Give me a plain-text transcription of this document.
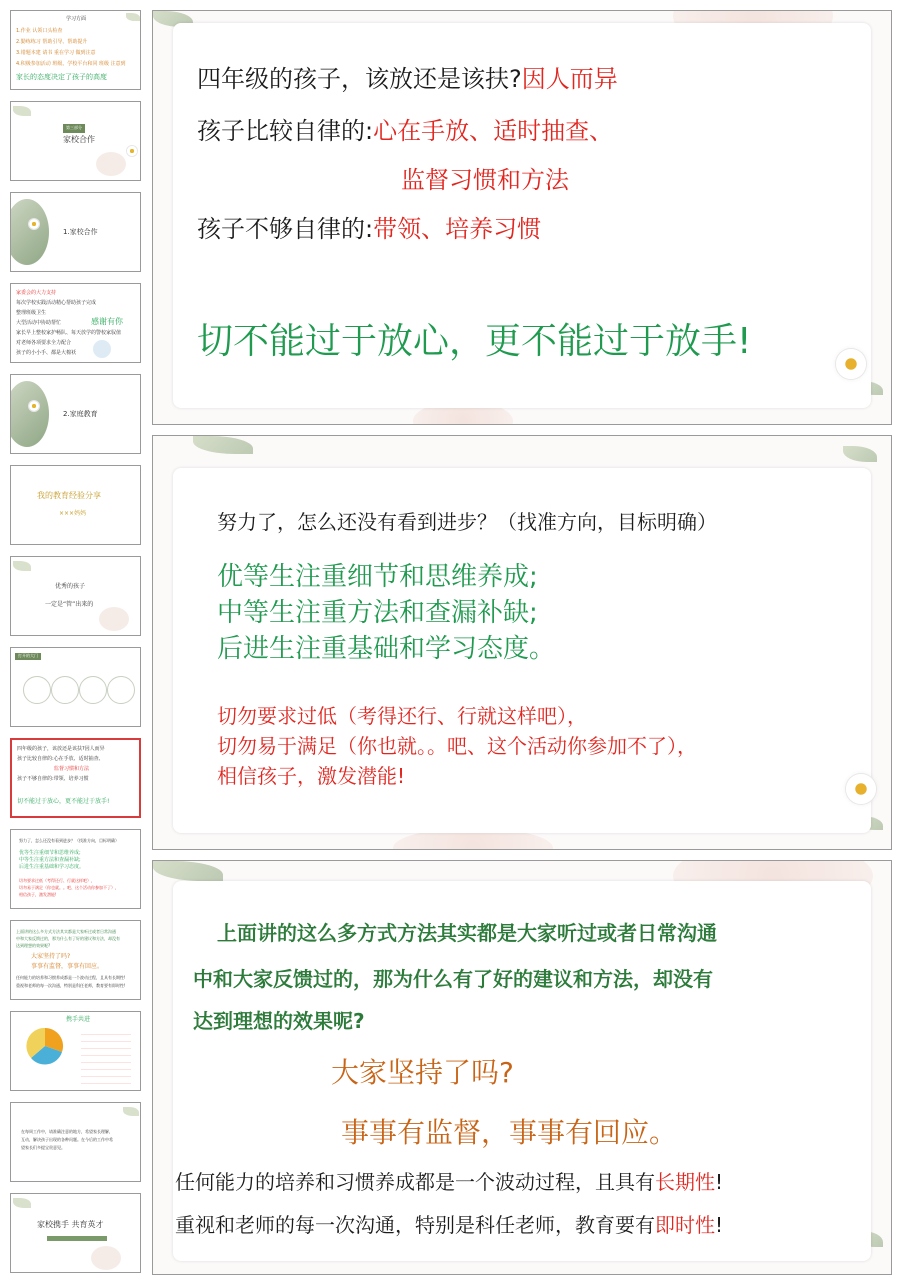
学习方面
1.作业 认领口头检查
2.勤练练习 帮助引导、帮助提升
3.错题本建 请书 重在学习 做到注意
4.积极参加活动 班级、学校平台和同 班级 注意到
家长的态度决定了孩子的高度
第三部分
家校合作
1.家校合作
家委会的大力支持
每次学校实践活动精心帮助孩子完成
整理班级卫生
大型活动中协助帮忙
家长早上整校家护畅队、每天放学的警校家驭值
对老师各项要求全力配合
孩子的小小手、都是大棉袄
感谢有你
2.家庭教育
我的教育经验分享
×××妈妈
优秀的孩子
一定是“管”出来的
打开的大门
四年级的孩子，该放还是该扶?因人而异
孩子比较自律的:心在手放、适时抽查、
监督习惯和方法
孩子不够自律的:带领、培养习惯
切不能过于放心，更不能过于放手!
努力了，怎么还没有看到进步？（找准方向，目标明确）
优等生注重细节和思维养成;
中等生注重方法和查漏补缺;
后进生注重基础和学习态度。
切勿要求过低（考得还行、行就这样吧），
切勿易于满足（你也就。。吧、这个活动你参加不了），
相信孩子，激发潜能!
上面讲的这么多方式方法其实都是大家听过或者日常沟通
中和大家反馈过的，那为什么有了好的建议和方法，却没有
达到理想的效果呢?
大家坚持了吗?
事事有监督，事事有回应。
任何能力的培养和习惯养成都是一个波动过程，且具有长期性!
重视和老师的每一次沟通，特别是科任老师，教育要有即时性!
携手共进
在每周工作中，请准确注意的地方，希望家长理解，
互动，解决孩子出现的各种问题。在今后的工作中希
望家长们多提宝贵意见。
家校携手 共育英才
四年级的孩子，该放还是该扶?因人而异
孩子比较自律的:心在手放、适时抽查、
监督习惯和方法
孩子不够自律的:带领、培养习惯
切不能过于放心，更不能过于放手!
努力了，怎么还没有看到进步？（找准方向，目标明确）
优等生注重细节和思维养成;
中等生注重方法和查漏补缺;
后进生注重基础和学习态度。
切勿要求过低（考得还行、行就这样吧），
切勿易于满足（你也就。。吧、这个活动你参加不了），
相信孩子，激发潜能!
上面讲的这么多方式方法其实都是大家听过或者日常沟通
中和大家反馈过的，那为什么有了好的建议和方法，却没有
达到理想的效果呢?
大家坚持了吗?
事事有监督，事事有回应。
任何能力的培养和习惯养成都是一个波动过程，且具有长期性!
重视和老师的每一次沟通，特别是科任老师，教育要有即时性!
